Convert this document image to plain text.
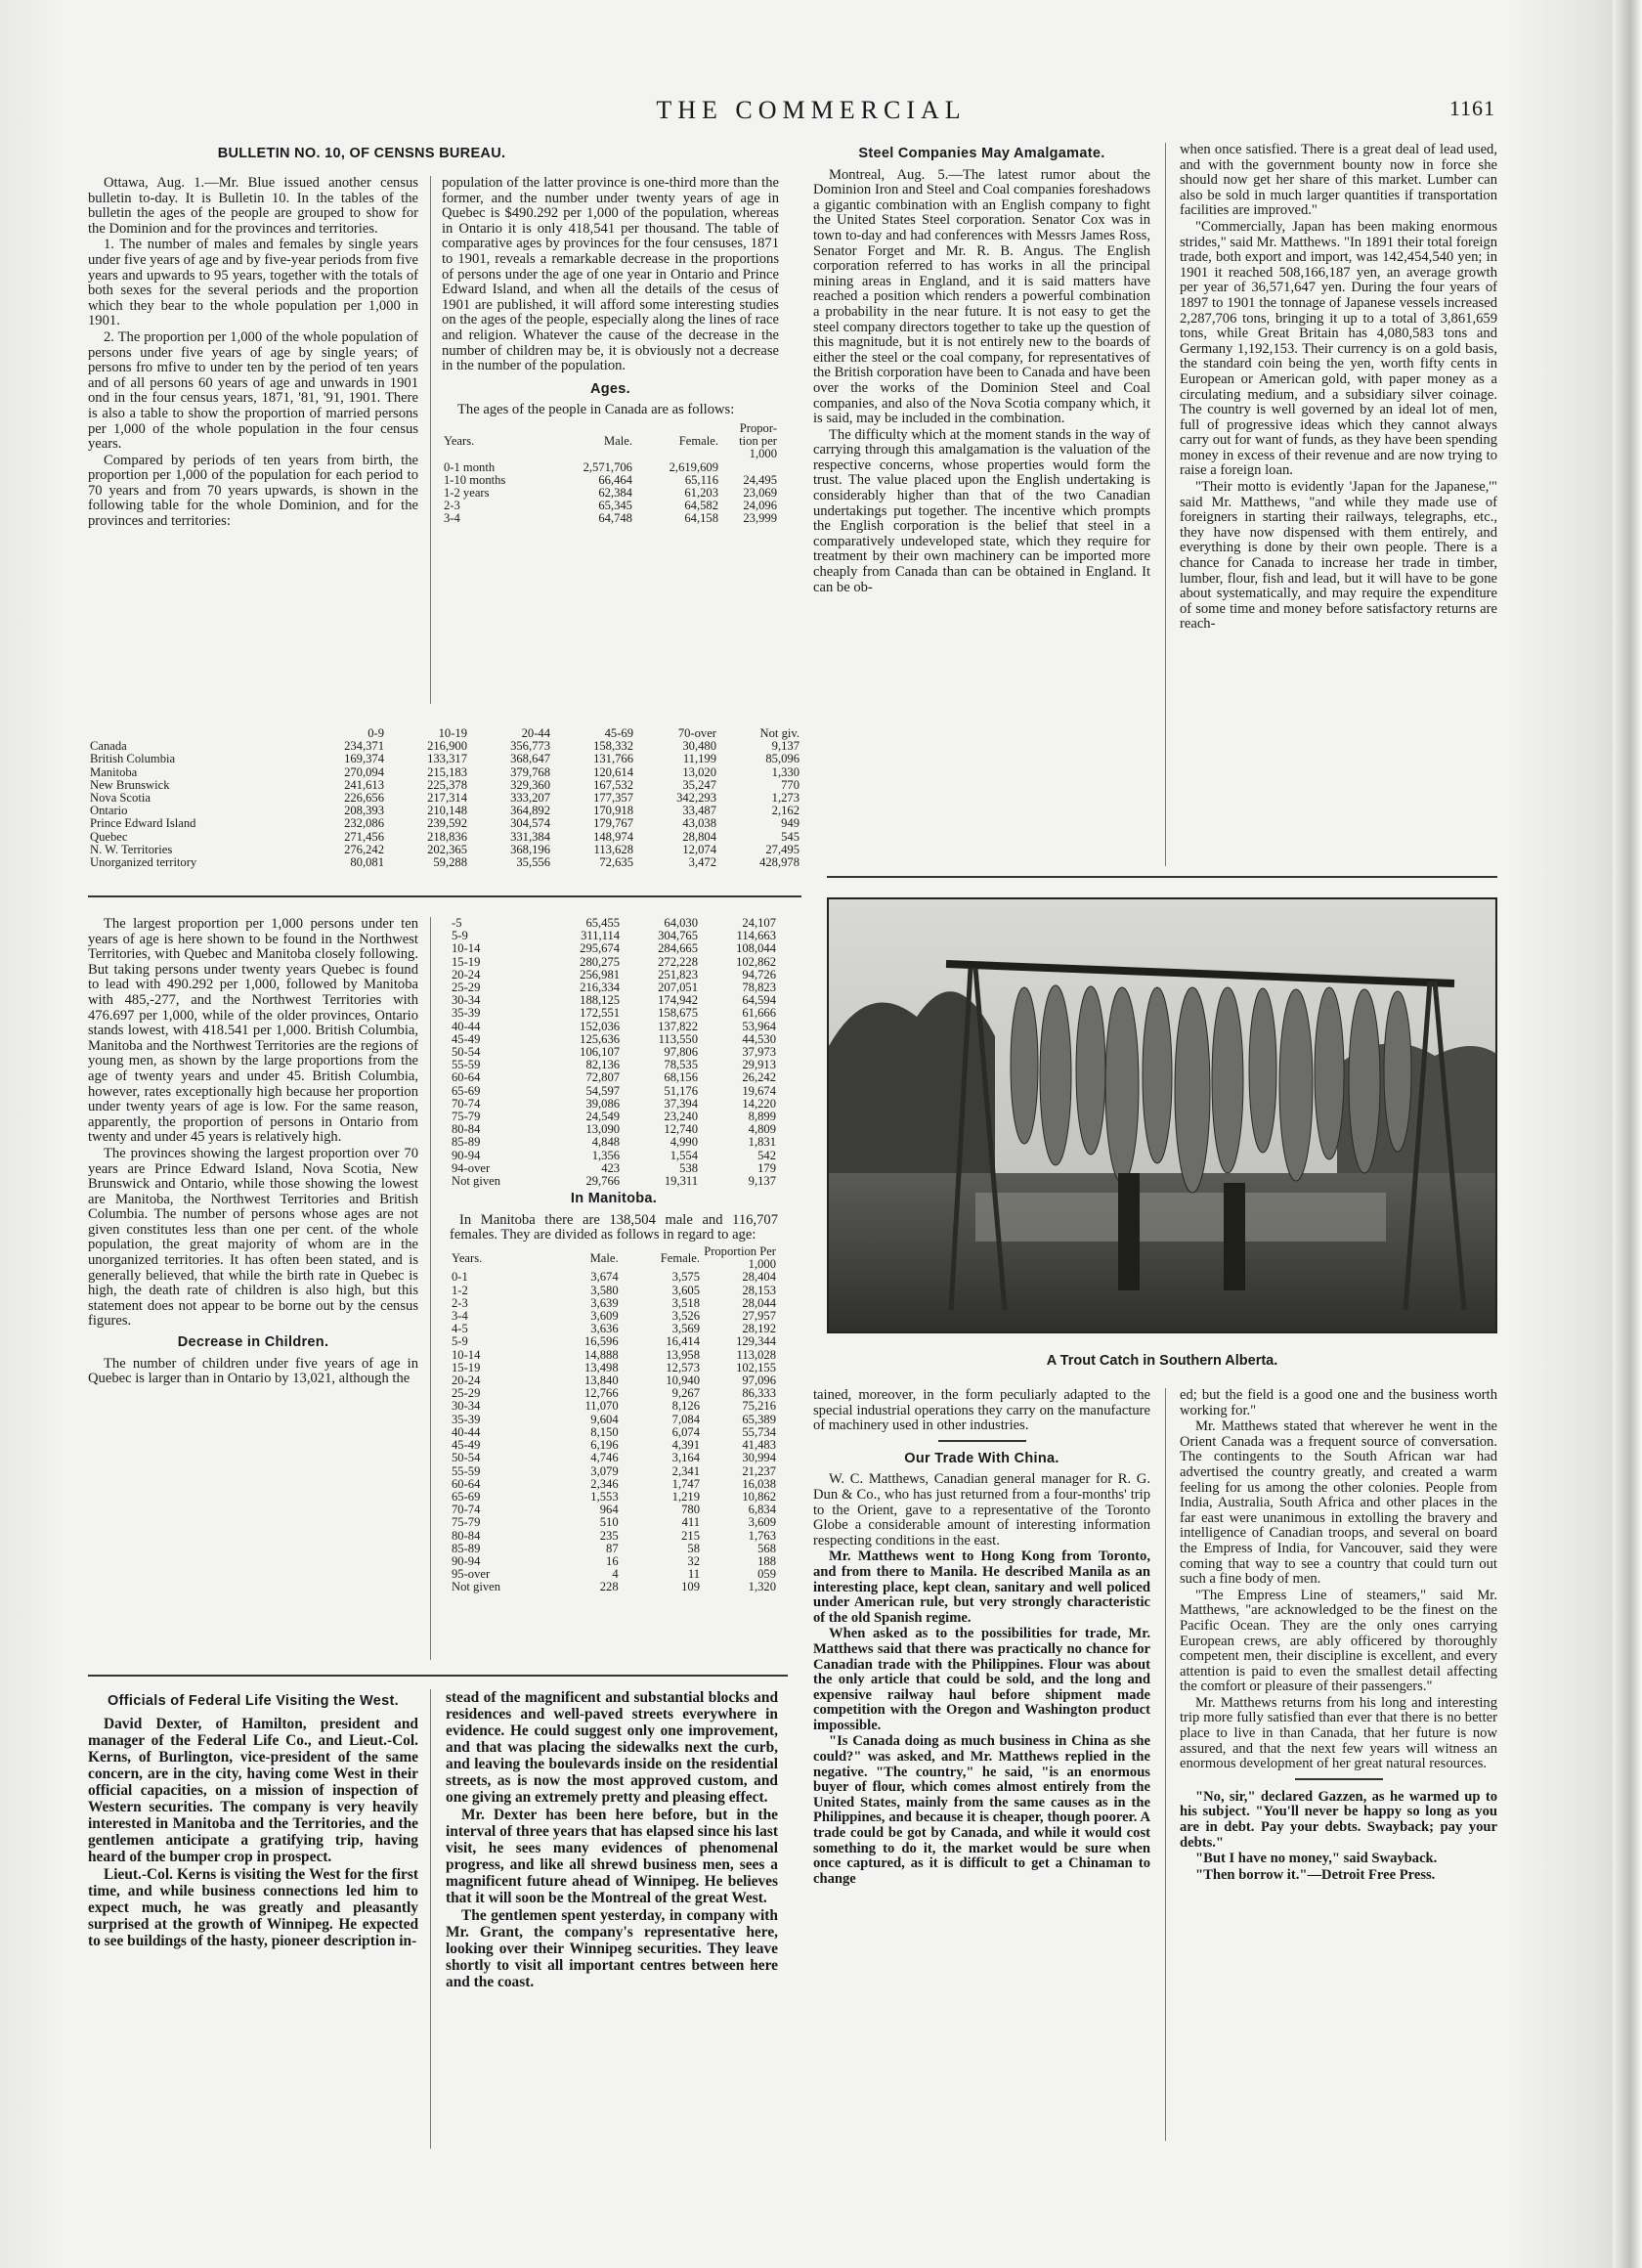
THE COMMERCIAL	1161
BULLETIN NO. 10, OF CENSNS BUREAU.

Ottawa, Aug. 1.—Mr. Blue issued another census bulletin to-day. It is Bulletin 10. In the tables of the bulletin the ages of the people are grouped to show for the Dominion and for the provinces and territories.

1. The number of males and females by single years under five years of age and by five-year periods from five years and upwards to 95 years, together with the totals of both sexes for the several periods and the proportion which they bear to the whole population per 1,000 in 1901.

2. The proportion per 1,000 of the whole population of persons under five years of age by single years; of persons fro mfive to under ten by the period of ten years and of all persons 60 years of age and unwards in 1901 ond in the four census years, 1871, '81, '91, 1901. There is also a table to show the proportion of married persons per 1,000 of the whole population in the four census years.

Compared by periods of ten years from birth, the proportion per 1,000 of the population for each period to 70 years and from 70 years upwards, is shown in the following table for the whole Dominion, and for the provinces and territories:

population of the latter province is one-third more than the former, and the number under twenty years of age in Quebec is $490.292 per 1,000 of the population, whereas in Ontario it is only 418,541 per thousand. The table of comparative ages by provinces for the four censuses, 1871 to 1901, reveals a remarkable decrease in the proportions of persons under the age of one year in Ontario and Prince Edward Island, and when all the details of the cesus of 1901 are published, it will afford some interesting studies on the ages of the people, especially along the lines of race and religion. Whatever the cause of the decrease in the number of children may be, it is obviously not a decrease in the number of the population.

Ages.

The ages of the people in Canada are as follows:

Years.	Male.	Female.	Propor-tion per 1,000
0-1 month	2,571,706	2,619,609	
1-10 months	66,464	65,116	24,495
1-2 years	62,384	61,203	23,069
2-3	65,345	64,582	24,096
3-4	64,748	64,158	23,999
Steel Companies May Amalgamate.

Montreal, Aug. 5.—The latest rumor about the Dominion Iron and Steel and Coal companies foreshadows a gigantic combination with an English company to fight the United States Steel corporation. Senator Cox was in town to-day and had conferences with Messrs James Ross, Senator Forget and Mr. R. B. Angus. The English corporation referred to has works in all the principal mining areas in England, and it is said matters have reached a position which renders a powerful combination a probability in the near future. It is not easy to get the steel company directors together to take up the question of this magnitude, but it is not entirely new to the boards of either the steel or the coal company, for representatives of the British corporation have been to Canada and have been over the works of the Dominion Steel and Coal companies, and also of the Nova Scotia company which, it is said, may be included in the combination.

The difficulty which at the moment stands in the way of carrying through this amalgamation is the valuation of the respective concerns, whose properties would form the trust. The value placed upon the English undertaking is considerably higher than that of the two Canadian undertakings put together. The incentive which prompts the English corporation is the belief that steel in a comparatively undeveloped state, which they require for treatment by their own machinery can be imported more cheaply from Canada than can be obtained in England. It can be ob-

when once satisfied. There is a great deal of lead used, and with the government bounty now in force she should now get her share of this market. Lumber can also be sold in much larger quantities if transportation facilities are improved."

"Commercially, Japan has been making enormous strides," said Mr. Matthews. "In 1891 their total foreign trade, both export and import, was 142,454,540 yen; in 1901 it reached 508,166,187 yen, an average growth per year of 36,571,647 yen. During the four years of 1897 to 1901 the tonnage of Japanese vessels increased 2,287,706 tons, bringing it up to a total of 3,861,659 tons, while Great Britain has 4,080,583 tons and Germany 1,192,153. Their currency is on a gold basis, the standard coin being the yen, worth fifty cents in European or American gold, with paper money as a circulating medium, and a subsidiary silver coinage. The country is well governed by an ideal lot of men, full of progressive ideas which they cannot always carry out for want of funds, as they have been spending money in excess of their revenue and are now trying to raise a foreign loan.

"Their motto is evidently 'Japan for the Japanese,'" said Mr. Matthews, "and while they made use of foreigners in starting their railways, telegraphs, etc., they have now dispensed with them entirely, and everything is done by their own people. There is a chance for Canada to increase her trade in timber, lumber, flour, fish and lead, but it will have to be gone about systematically, and may require the expenditure of some time and money before satisfactory returns are reach-

	0-9	10-19	20-44	45-69	70-over	Not giv.
Canada	234,371	216,900	356,773	158,332	30,480	9,137
British Columbia	169,374	133,317	368,647	131,766	11,199	85,096
Manitoba	270,094	215,183	379,768	120,614	13,020	1,330
New Brunswick	241,613	225,378	329,360	167,532	35,247	770
Nova Scotia	226,656	217,314	333,207	177,357	342,293	1,273
Ontario	208,393	210,148	364,892	170,918	33,487	2,162
Prince Edward Island	232,086	239,592	304,574	179,767	43,038	949
Quebec	271,456	218,836	331,384	148,974	28,804	545
N. W. Territories	276,242	202,365	368,196	113,628	12,074	27,495
Unorganized territory	80,081	59,288	35,556	72,635	3,472	428,978

The largest proportion per 1,000 persons under ten years of age is here shown to be found in the Northwest Territories, with Quebec and Manitoba closely following. But taking persons under twenty years Quebec is found to lead with 490.292 per 1,000, followed by Manitoba with 485,-277, and the Northwest Territories with 476.697 per 1,000, while of the older provinces, Ontario stands lowest, with 418.541 per 1,000. British Columbia, Manitoba and the Northwest Territories are the regions of young men, as shown by the large proportions from the age of twenty years and under 45. British Columbia, however, rates exceptionally high because her proportion under twenty years of age is low. For the same reason, apparently, the proportion of persons in Ontario from twenty and under 45 years is relatively high.

The provinces showing the largest proportion over 70 years are Prince Edward Island, Nova Scotia, New Brunswick and Ontario, while those showing the lowest are Manitoba, the Northwest Territories and British Columbia. The number of persons whose ages are not given constitutes less than one per cent. of the whole population, the great majority of whom are in the unorganized territories. It has often been stated, and is generally believed, that while the birth rate in Quebec is high, the death rate of children is also high, but this statement does not appear to be borne out by the census figures.

Decrease in Children.

The number of children under five years of age in Quebec is larger than in Ontario by 13,021, although the

-5	65,455	64,030	24,107
5-9	311,114	304,765	114,663
10-14	295,674	284,665	108,044
15-19	280,275	272,228	102,862
20-24	256,981	251,823	94,726
25-29	216,334	207,051	78,823
30-34	188,125	174,942	64,594
35-39	172,551	158,675	61,666
40-44	152,036	137,822	53,964
45-49	125,636	113,550	44,530
50-54	106,107	97,806	37,973
55-59	82,136	78,535	29,913
60-64	72,807	68,156	26,242
65-69	54,597	51,176	19,674
70-74	39,086	37,394	14,220
75-79	24,549	23,240	8,899
80-84	13,090	12,740	4,809
85-89	4,848	4,990	1,831
90-94	1,356	1,554	542
94-over	423	538	179
Not given	29,766	19,311	9,137
In Manitoba.

In Manitoba there are 138,504 male and 116,707 females. They are divided as follows in regard to age:

Years.	Male.	Female.	Proportion Per 1,000
0-1	3,674	3,575	28,404
1-2	3,580	3,605	28,153
2-3	3,639	3,518	28,044
3-4	3,609	3,526	27,957
4-5	3,636	3,569	28,192
5-9	16,596	16,414	129,344
10-14	14,888	13,958	113,028
15-19	13,498	12,573	102,155
20-24	13,840	10,940	97,096
25-29	12,766	9,267	86,333
30-34	11,070	8,126	75,216
35-39	9,604	7,084	65,389
40-44	8,150	6,074	55,734
45-49	6,196	4,391	41,483
50-54	4,746	3,164	30,994
55-59	3,079	2,341	21,237
60-64	2,346	1,747	16,038
65-69	1,553	1,219	10,862
70-74	964	780	6,834
75-79	510	411	3,609
80-84	235	215	1,763
85-89	87	58	568
90-94	16	32	188
95-over	4	11	059
Not given	228	109	1,320
A Trout Catch in Southern Alberta.

tained, moreover, in the form peculiarly adapted to the special industrial operations they carry on the manufacture of machinery used in other industries.

Our Trade With China.

W. C. Matthews, Canadian general manager for R. G. Dun & Co., who has just returned from a four-months' trip to the Orient, gave to a representative of the Toronto Globe a considerable amount of interesting information respecting conditions in the east.

Mr. Matthews went to Hong Kong from Toronto, and from there to Manila. He described Manila as an interesting place, kept clean, sanitary and well policed under American rule, but very strongly characteristic of the old Spanish regime.

When asked as to the possibilities for trade, Mr. Matthews said that there was practically no chance for Canadian trade with the Philippines. Flour was about the only article that could be sold, and the long and expensive railway haul before shipment made competition with the Oregon and Washington product impossible.

"Is Canada doing as much business in China as she could?" was asked, and Mr. Matthews replied in the negative. "The country," he said, "is an enormous buyer of flour, which comes almost entirely from the United States, mainly from the same causes as in the Philippines, and because it is cheaper, though poorer. A trade could be got by Canada, and while it would cost something to do it, the market would be sure when once captured, as it is difficult to get a Chinaman to change

ed; but the field is a good one and the business worth working for."

Mr. Matthews stated that wherever he went in the Orient Canada was a frequent source of conversation. The contingents to the South African war had advertised the country greatly, and created a warm feeling for us among the other colonies. People from India, Australia, South Africa and other places in the far east were unanimous in extolling the bravery and intelligence of Canadian troops, and several on board the Empress of India, for Vancouver, said they were coming that way to see a country that could turn out such a fine body of men.

"The Empress Line of steamers," said Mr. Matthews, "are acknowledged to be the finest on the Pacific Ocean. They are the only ones carrying European crews, are ably officered by thoroughly competent men, their discipline is excellent, and every attention is paid to even the smallest detail affecting the comfort or pleasure of their passengers."

Mr. Matthews returns from his long and interesting trip more fully satisfied than ever that there is no better place to live in than Canada, that her future is now assured, and that the next few years will witness an enormous development of her great natural resources.

"No, sir," declared Gazzen, as he warmed up to his subject. "You'll never be happy so long as you are in debt. Pay your debts. Swayback; pay your debts."

"But I have no money," said Swayback.

"Then borrow it."—Detroit Free Press.

Officials of Federal Life Visiting the West.

David Dexter, of Hamilton, president and manager of the Federal Life Co., and Lieut.-Col. Kerns, of Burlington, vice-president of the same concern, are in the city, having come West in their official capacities, on a mission of inspection of Western securities. The company is very heavily interested in Manitoba and the Territories, and the gentlemen anticipate a gratifying trip, having heard of the bumper crop in prospect.

Lieut.-Col. Kerns is visiting the West for the first time, and while business connections led him to expect much, he was greatly and pleasantly surprised at the growth of Winnipeg. He expected to see buildings of the hasty, pioneer description in-

stead of the magnificent and substantial blocks and residences and well-paved streets everywhere in evidence. He could suggest only one improvement, and that was placing the sidewalks next the curb, and leaving the boulevards inside on the residential streets, as is now the most approved custom, and one giving an extremely pretty and pleasing effect.

Mr. Dexter has been here before, but in the interval of three years that has elapsed since his last visit, he sees many evidences of phenomenal progress, and like all shrewd business men, sees a magnificent future ahead of Winnipeg. He believes that it will soon be the Montreal of the great West.

The gentlemen spent yesterday, in company with Mr. Grant, the company's representative here, looking over their Winnipeg securities. They leave shortly to visit all important centres between here and the coast.
